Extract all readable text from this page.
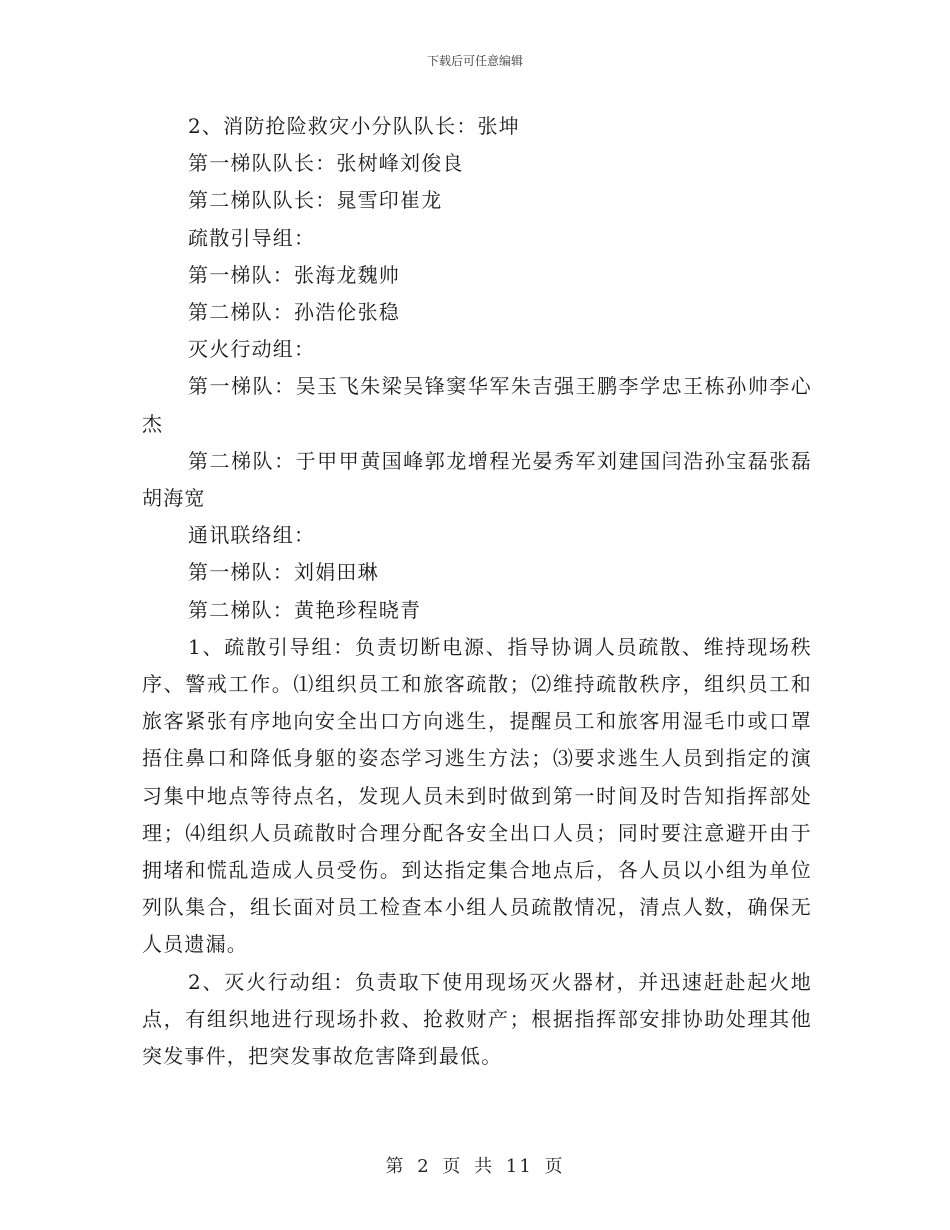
下载后可任意编辑

2、消防抢险救灾小分队队长：张坤

第一梯队队长：张树峰刘俊良

第二梯队队长：晁雪印崔龙

疏散引导组：

第一梯队：张海龙魏帅

第二梯队：孙浩伦张稳

灭火行动组：

第一梯队：吴玉飞朱梁吴锋窦华军朱吉强王鹏李学忠王栋孙帅李心杰

第二梯队：于甲甲黄国峰郭龙增程光晏秀军刘建国闫浩孙宝磊张磊胡海宽

通讯联络组：

第一梯队：刘娟田琳

第二梯队：黄艳珍程晓青

1、疏散引导组：负责切断电源、指导协调人员疏散、维持现场秩序、警戒工作。⑴组织员工和旅客疏散；⑵维持疏散秩序，组织员工和旅客紧张有序地向安全出口方向逃生，提醒员工和旅客用湿毛巾或口罩捂住鼻口和降低身躯的姿态学习逃生方法；⑶要求逃生人员到指定的演习集中地点等待点名，发现人员未到时做到第一时间及时告知指挥部处理；⑷组织人员疏散时合理分配各安全出口人员；同时要注意避开由于拥堵和慌乱造成人员受伤。到达指定集合地点后，各人员以小组为单位列队集合，组长面对员工检查本小组人员疏散情况，清点人数，确保无人员遗漏。

2、灭火行动组：负责取下使用现场灭火器材，并迅速赶赴起火地点，有组织地进行现场扑救、抢救财产；根据指挥部安排协助处理其他突发事件，把突发事故危害降到最低。

第 2 页 共 11 页
